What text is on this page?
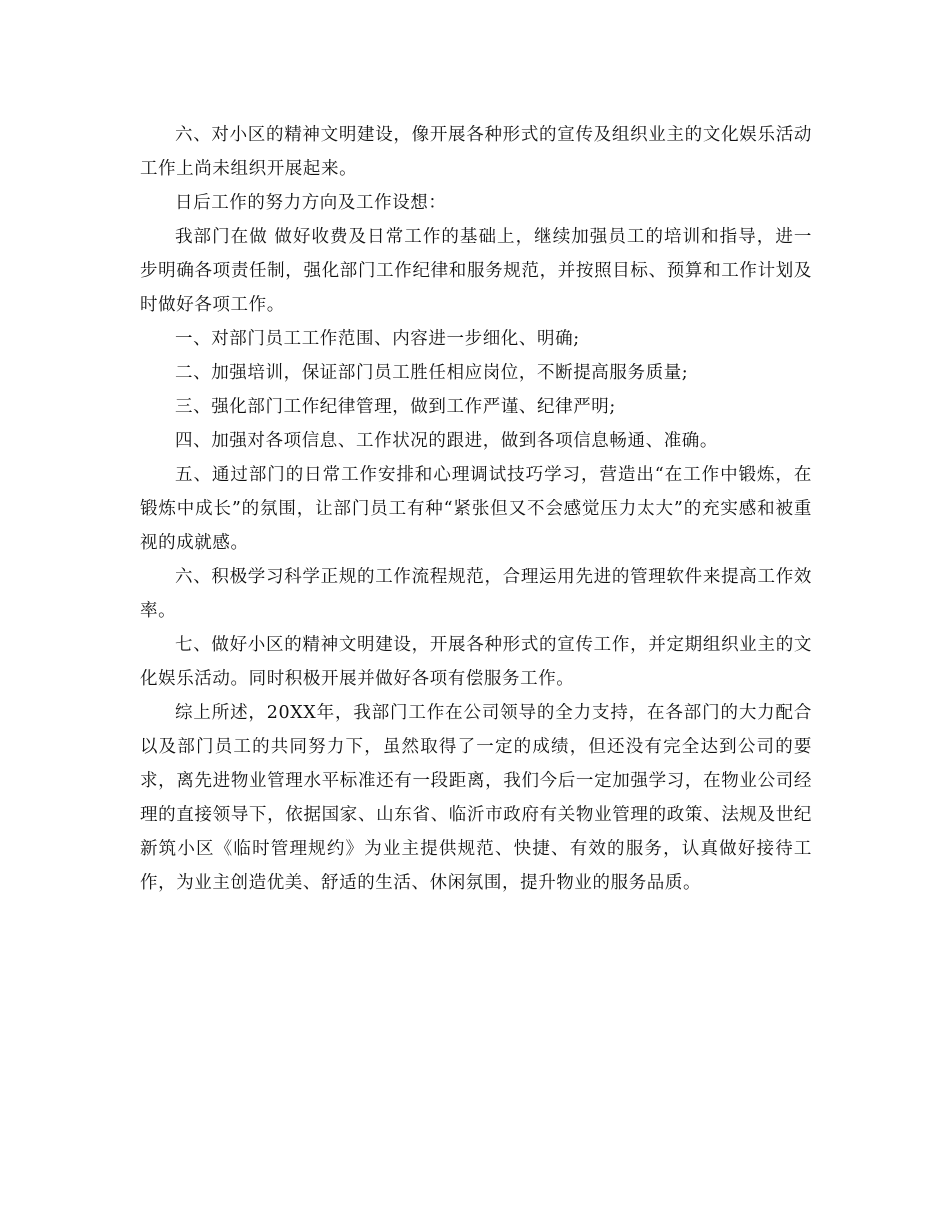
六、对小区的精神文明建设，像开展各种形式的宣传及组织业主的文化娱乐活动工作上尚未组织开展起来。

日后工作的努力方向及工作设想：

我部门在做 做好收费及日常工作的基础上，继续加强员工的培训和指导，进一步明确各项责任制，强化部门工作纪律和服务规范，并按照目标、预算和工作计划及时做好各项工作。

一、对部门员工工作范围、内容进一步细化、明确;

二、加强培训，保证部门员工胜任相应岗位，不断提高服务质量;

三、强化部门工作纪律管理，做到工作严谨、纪律严明;

四、加强对各项信息、工作状况的跟进，做到各项信息畅通、准确。

五、通过部门的日常工作安排和心理调试技巧学习，营造出“在工作中锻炼，在锻炼中成长”的氛围，让部门员工有种“紧张但又不会感觉压力太大”的充实感和被重视的成就感。

六、积极学习科学正规的工作流程规范，合理运用先进的管理软件来提高工作效率。

七、做好小区的精神文明建设，开展各种形式的宣传工作，并定期组织业主的文化娱乐活动。同时积极开展并做好各项有偿服务工作。

综上所述，20XX年，我部门工作在公司领导的全力支持，在各部门的大力配合以及部门员工的共同努力下，虽然取得了一定的成绩，但还没有完全达到公司的要求，离先进物业管理水平标准还有一段距离，我们今后一定加强学习，在物业公司经理的直接领导下，依据国家、山东省、临沂市政府有关物业管理的政策、法规及世纪新筑小区《临时管理规约》为业主提供规范、快捷、有效的服务，认真做好接待工作，为业主创造优美、舒适的生活、休闲氛围，提升物业的服务品质。
